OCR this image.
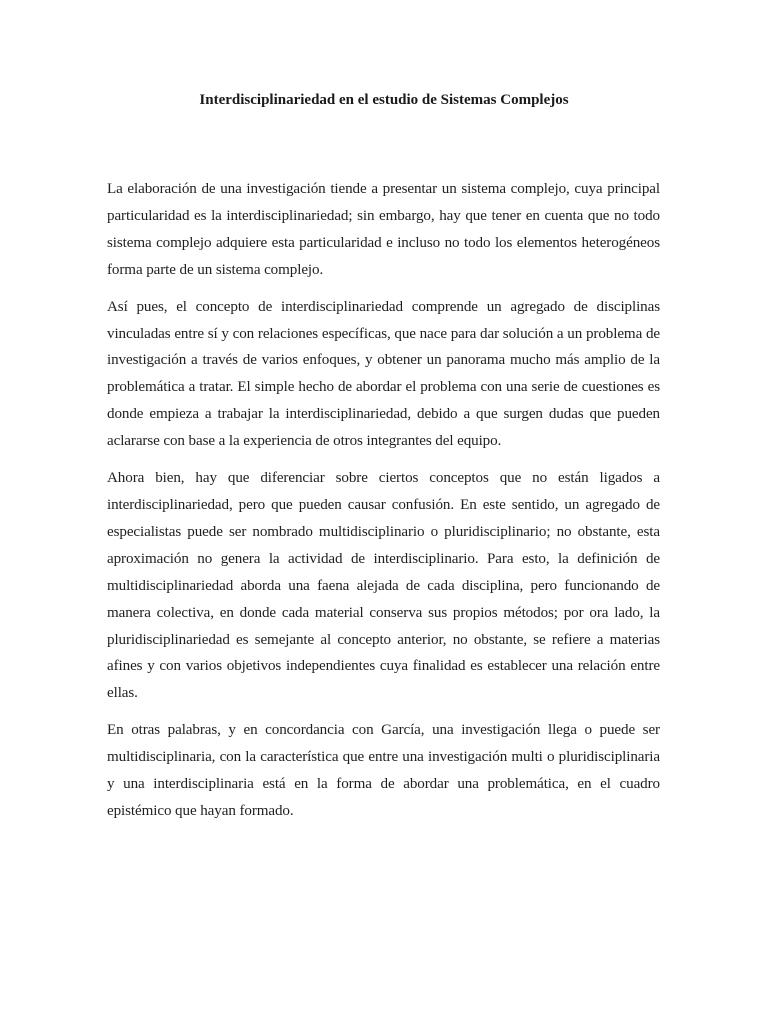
Interdisciplinariedad en el estudio de Sistemas Complejos

La elaboración de una investigación tiende a presentar un sistema complejo, cuya principal particularidad es la interdisciplinariedad; sin embargo, hay que tener en cuenta que no todo sistema complejo adquiere esta particularidad e incluso no todo los elementos heterogéneos forma parte de un sistema complejo.

Así pues, el concepto de interdisciplinariedad comprende un agregado de disciplinas vinculadas entre sí y con relaciones específicas, que nace para dar solución a un problema de investigación a través de varios enfoques, y obtener un panorama mucho más amplio de la problemática a tratar. El simple hecho de abordar el problema con una serie de cuestiones es donde empieza a trabajar la interdisciplinariedad, debido a que surgen dudas que pueden aclararse con base a la experiencia de otros integrantes del equipo.

Ahora bien, hay que diferenciar sobre ciertos conceptos que no están ligados a interdisciplinariedad, pero que pueden causar confusión. En este sentido, un agregado de especialistas puede ser nombrado multidisciplinario o pluridisciplinario; no obstante, esta aproximación no genera la actividad de interdisciplinario. Para esto, la definición de multidisciplinariedad aborda una faena alejada de cada disciplina, pero funcionando de manera colectiva, en donde cada material conserva sus propios métodos; por ora lado, la pluridisciplinariedad es semejante al concepto anterior, no obstante, se refiere a materias afines y con varios objetivos independientes cuya finalidad es establecer una relación entre ellas.

En otras palabras, y en concordancia con García, una investigación llega o puede ser multidisciplinaria, con la característica que entre una investigación multi o pluridisciplinaria y una interdisciplinaria está en la forma de abordar una problemática, en el cuadro epistémico que hayan formado.
